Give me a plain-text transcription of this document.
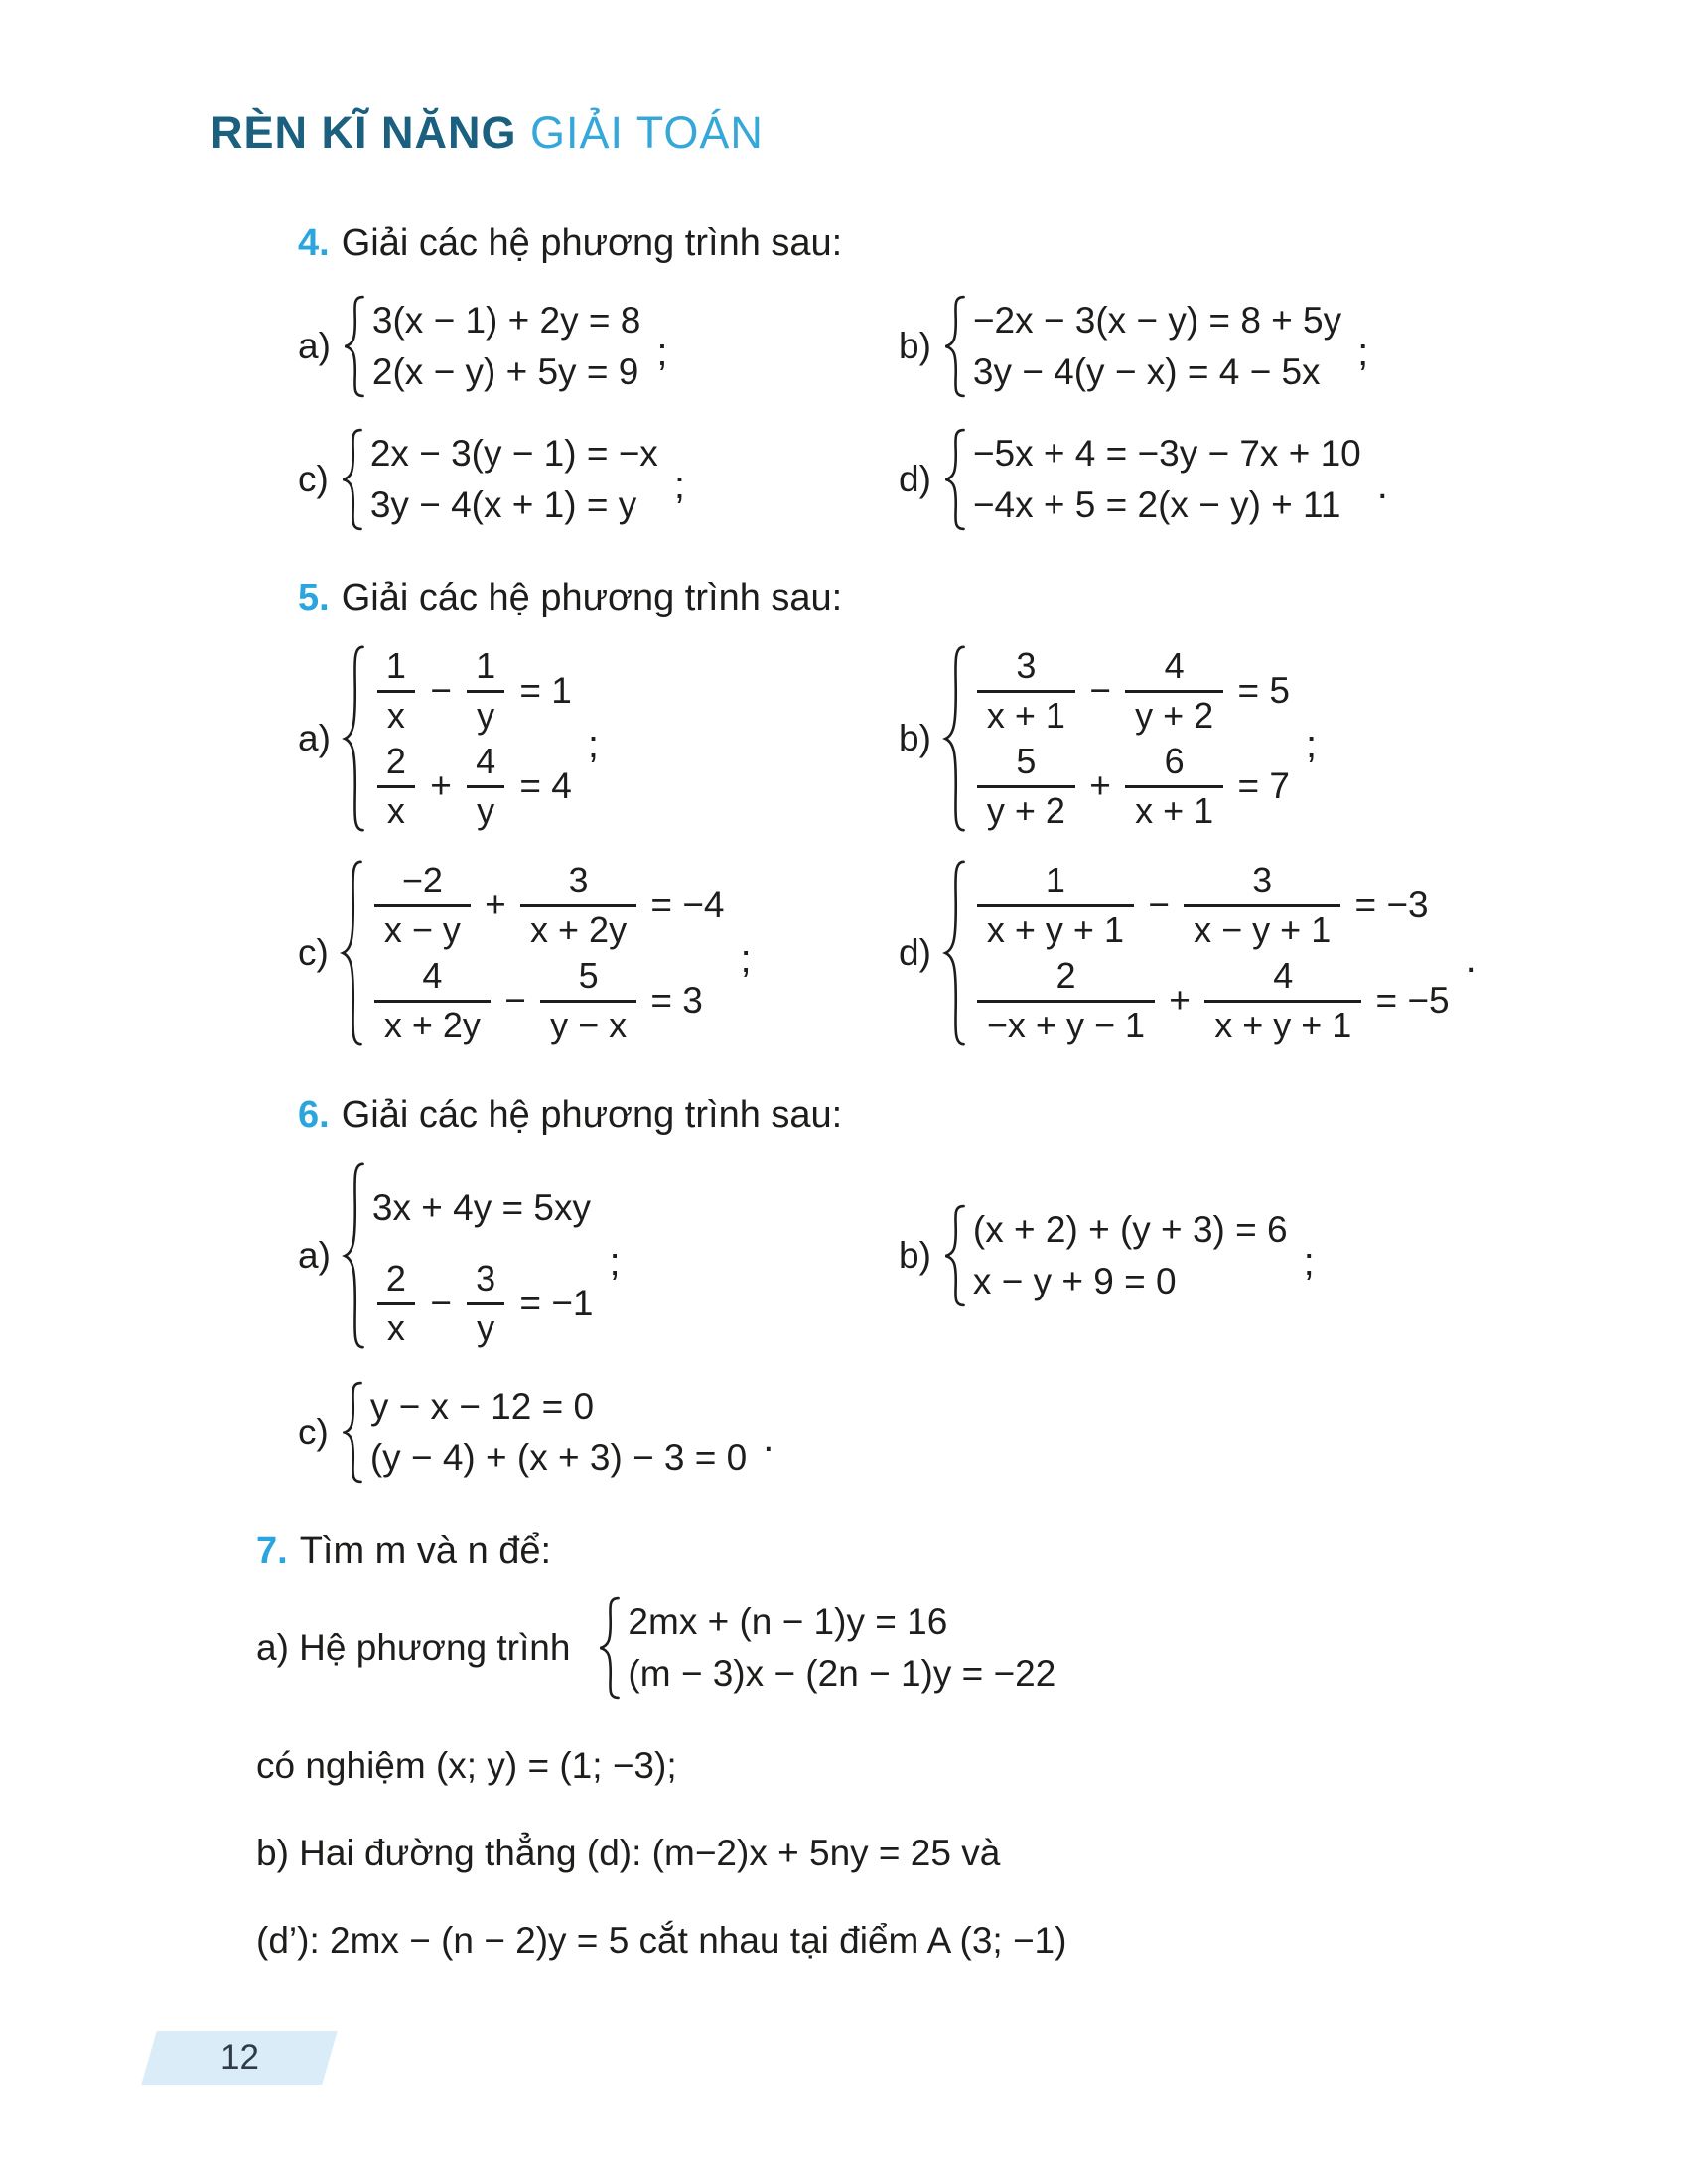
RÈN KĨ NĂNG GIẢI TOÁN
4. Giải các hệ phương trình sau:
a)
3(x − 1) + 2y = 8
2(x − y) + 5y = 9 ;	b)
−2x − 3(x − y) = 8 + 5y
3y − 4(y − x) = 4 − 5x ;
c)
2x − 3(y − 1) = −x
3y − 4(x + 1) = y ;	d)
−5x + 4 = −3y − 7x + 10
−4x + 5 = 2(x − y) + 11 .
5. Giải các hệ phương trình sau:
a)
$\frac{1}{x} - \frac{1}{y} = 1$
$\frac{2}{x} + \frac{4}{y} = 4$
;	b)
$\frac{3}{x + 1} - \frac{4}{y + 2} = 5$
$\frac{5}{y + 2} + \frac{6}{x + 1} = 7$
;
c)
$\frac{-2}{x - y} + \frac{3}{x + 2y} = -4$
$\frac{4}{x + 2y} - \frac{5}{y - x} = 3$
;	d)
$\frac{1}{x + y + 1} - \frac{3}{x - y + 1} = -3$
$\frac{2}{-x + y - 1} + \frac{4}{x + y + 1} = -5$
.
6. Giải các hệ phương trình sau:
a)
3x + 4y = 5xy
$\frac{2}{x} - \frac{3}{y} = -1$
;	b)
(x + 2) + (y + 3) = 6
x − y + 9 = 0	;
c)
y − x − 12 = 0
(y − 4) + (x + 3) − 3 = 0 .
7. Tìm m và n để:
a) Hệ phương trình
2mx + (n − 1)y = 16
(m − 3)x − (2n − 1)y = −22
có nghiệm (x; y) = (1; −3);
b) Hai đường thẳng (d): (m−2)x + 5ny = 25 và
(d’): 2mx − (n − 2)y = 5 cắt nhau tại điểm A (3; −1)
12
